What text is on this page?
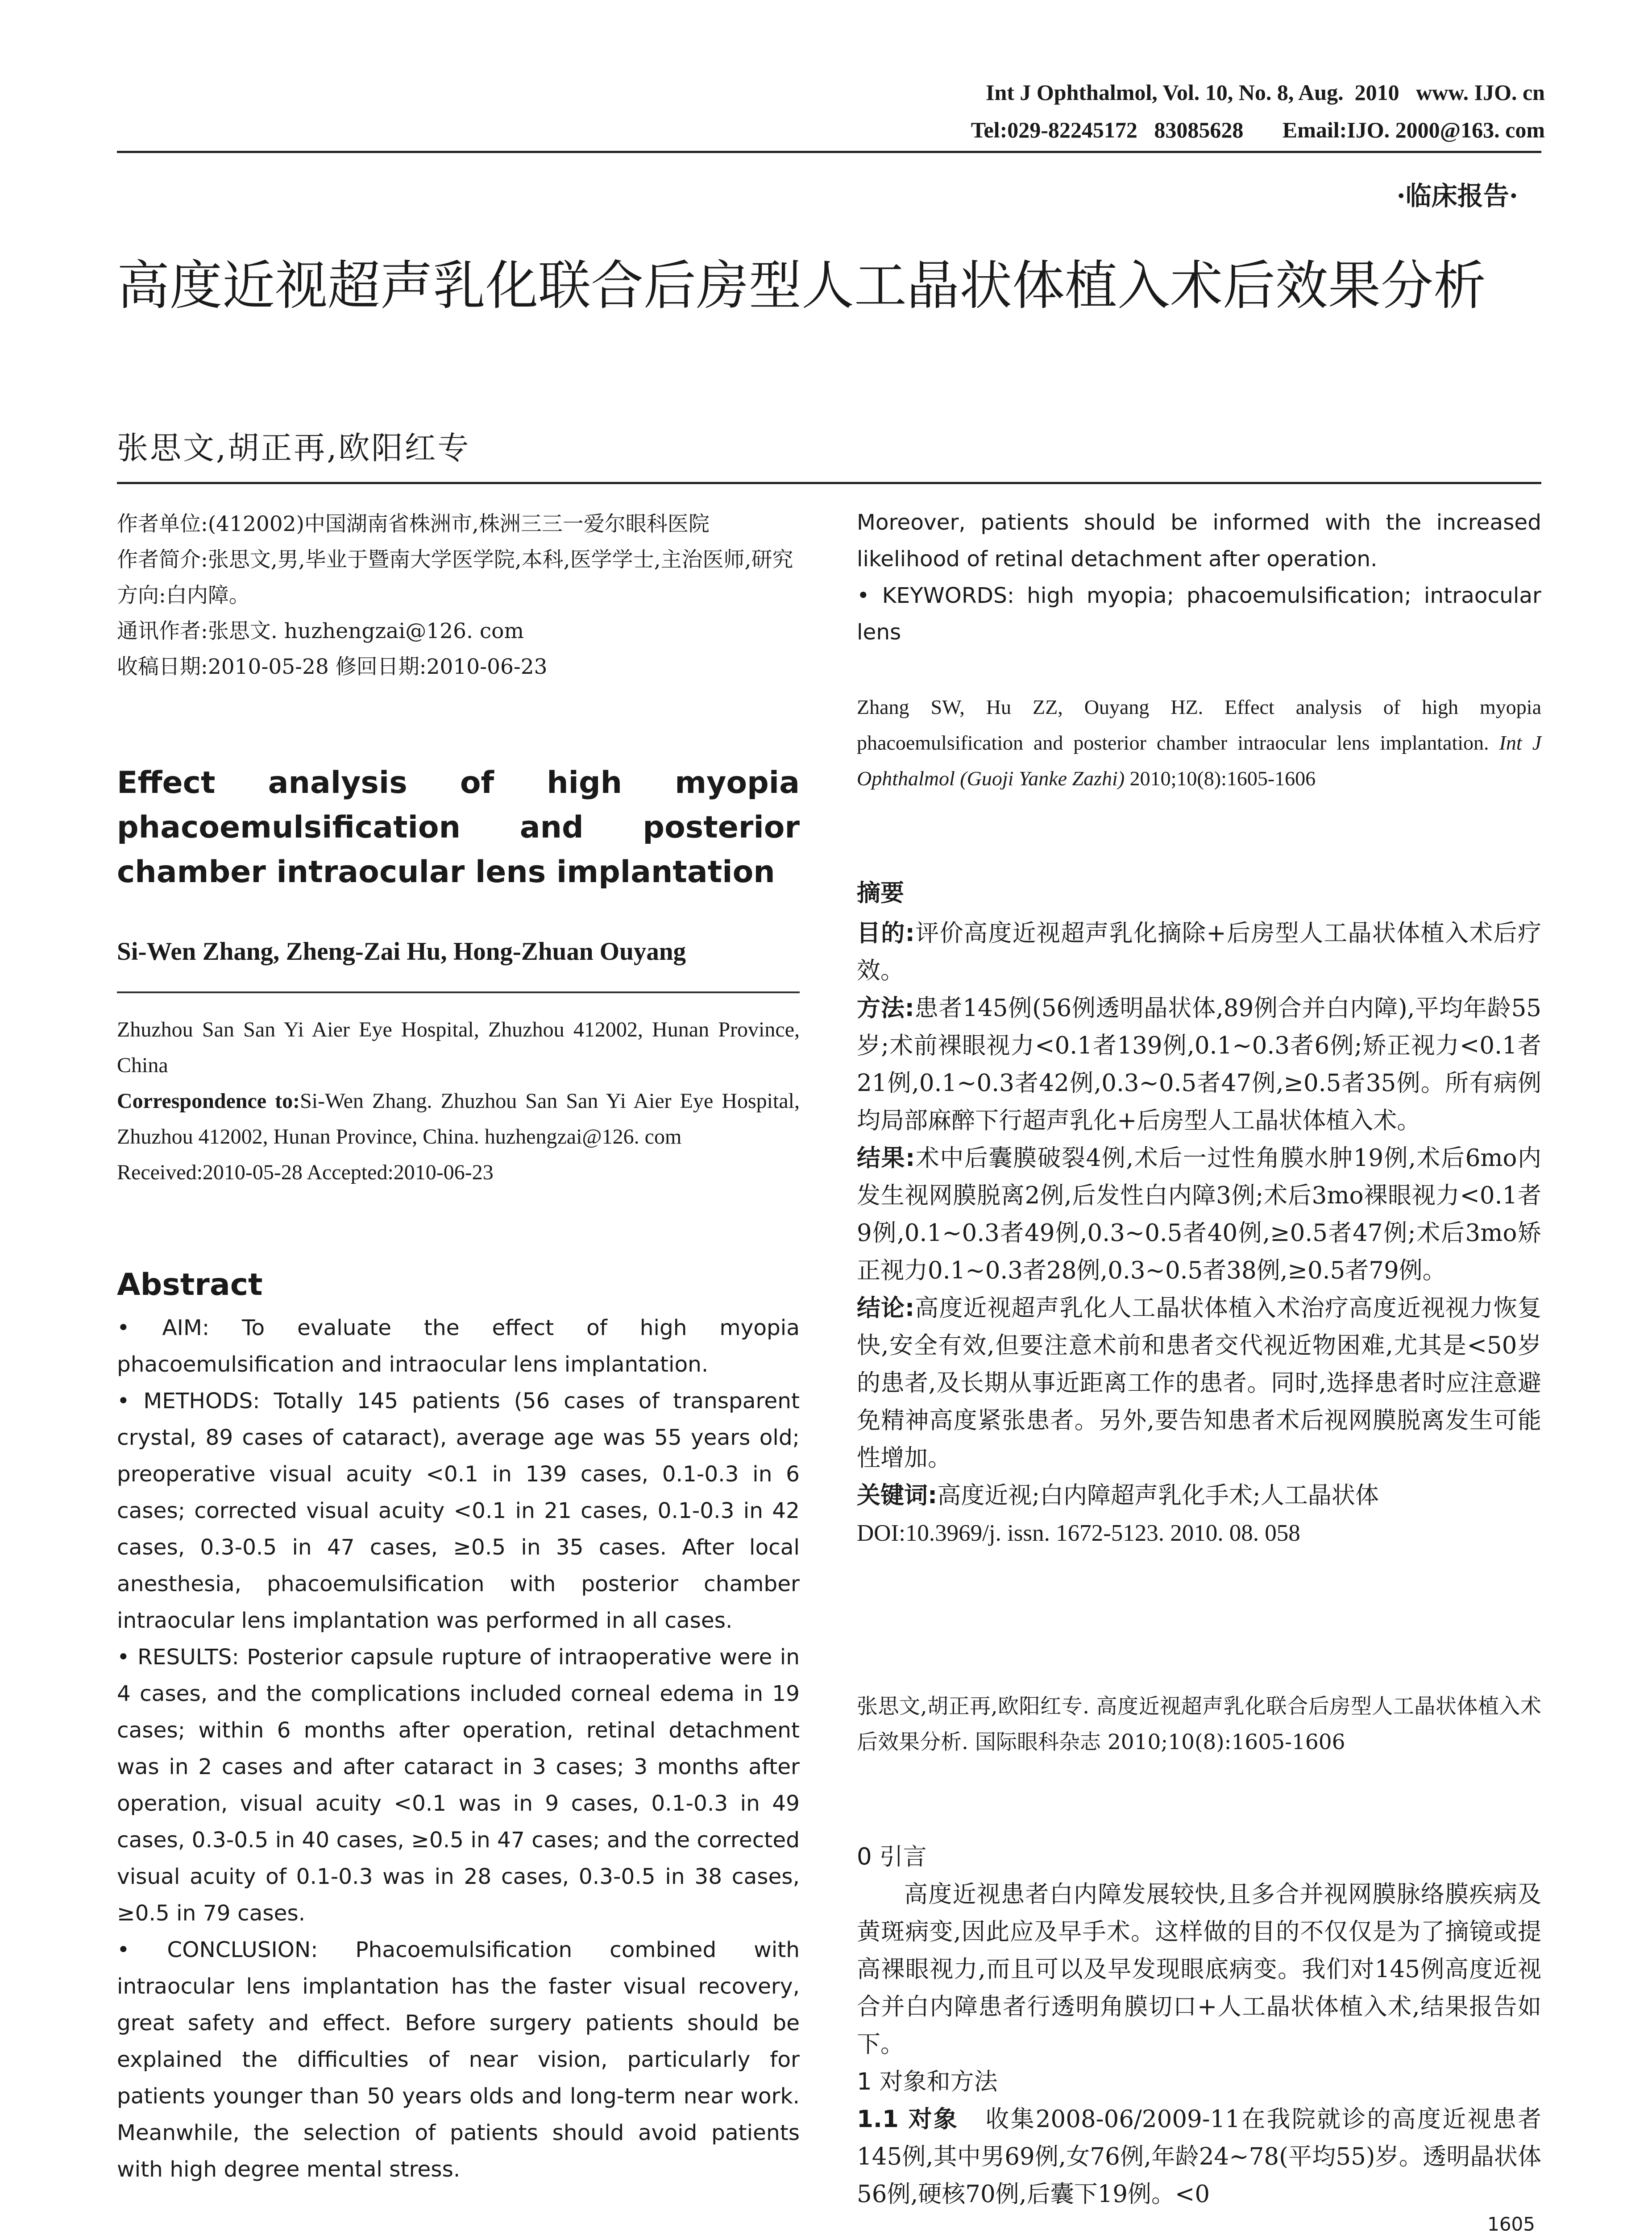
Int J Ophthalmol, Vol. 10, No. 8, Aug.  2010   www. IJO. cn
Tel:029-82245172   83085628       Email:IJO. 2000@163. com
·临床报告·
高度近视超声乳化联合后房型人工晶状体植入术后效果分析
张思文,胡正再,欧阳红专

作者单位:(412002)中国湖南省株洲市,株洲三三一爱尔眼科医院

作者简介:张思文,男,毕业于暨南大学医学院,本科,医学学士,主治医师,研究方向:白内障。

通讯作者:张思文. huzhengzai@126. com

收稿日期:2010-05-28 修回日期:2010-06-23

Effect analysis of high myopia phacoemulsification and posterior chamber intraocular lens implantation
Si-Wen Zhang, Zheng-Zai Hu, Hong-Zhuan Ouyang

Zhuzhou San San Yi Aier Eye Hospital, Zhuzhou 412002, Hunan Province, China

Correspondence to:Si-Wen Zhang. Zhuzhou San San Yi Aier Eye Hospital, Zhuzhou 412002, Hunan Province, China. huzhengzai@126. com

Received:2010-05-28 Accepted:2010-06-23

Abstract

• AIM: To evaluate the effect of high myopia phacoemulsification and intraocular lens implantation.

• METHODS: Totally 145 patients (56 cases of transparent crystal, 89 cases of cataract), average age was 55 years old; preoperative visual acuity <0.1 in 139 cases, 0.1-0.3 in 6 cases; corrected visual acuity <0.1 in 21 cases, 0.1-0.3 in 42 cases, 0.3-0.5 in 47 cases, ≥0.5 in 35 cases. After local anesthesia, phacoemulsification with posterior chamber intraocular lens implantation was performed in all cases.

• RESULTS: Posterior capsule rupture of intraoperative were in 4 cases, and the complications included corneal edema in 19 cases; within 6 months after operation, retinal detachment was in 2 cases and after cataract in 3 cases; 3 months after operation, visual acuity <0.1 was in 9 cases, 0.1-0.3 in 49 cases, 0.3-0.5 in 40 cases, ≥0.5 in 47 cases; and the corrected visual acuity of 0.1-0.3 was in 28 cases, 0.3-0.5 in 38 cases, ≥0.5 in 79 cases.

• CONCLUSION: Phacoemulsification combined with intraocular lens implantation has the faster visual recovery, great safety and effect. Before surgery patients should be explained the difficulties of near vision, particularly for patients younger than 50 years olds and long-term near work. Meanwhile, the selection of patients should avoid patients with high degree mental stress.

Moreover, patients should be informed with the increased likelihood of retinal detachment after operation.

• KEYWORDS: high myopia; phacoemulsification; intraocular lens

Zhang SW, Hu ZZ, Ouyang HZ. Effect analysis of high myopia phacoemulsification and posterior chamber intraocular lens implantation. Int J Ophthalmol (Guoji Yanke Zazhi) 2010;10(8):1605-1606

摘要

目的:评价高度近视超声乳化摘除+后房型人工晶状体植入术后疗效。

方法:患者145例(56例透明晶状体,89例合并白内障),平均年龄55岁;术前裸眼视力<0.1者139例,0.1~0.3者6例;矫正视力<0.1者21例,0.1~0.3者42例,0.3~0.5者47例,≥0.5者35例。所有病例均局部麻醉下行超声乳化+后房型人工晶状体植入术。

结果:术中后囊膜破裂4例,术后一过性角膜水肿19例,术后6mo内发生视网膜脱离2例,后发性白内障3例;术后3mo裸眼视力<0.1者9例,0.1~0.3者49例,0.3~0.5者40例,≥0.5者47例;术后3mo矫正视力0.1~0.3者28例,0.3~0.5者38例,≥0.5者79例。

结论:高度近视超声乳化人工晶状体植入术治疗高度近视视力恢复快,安全有效,但要注意术前和患者交代视近物困难,尤其是<50岁的患者,及长期从事近距离工作的患者。同时,选择患者时应注意避免精神高度紧张患者。另外,要告知患者术后视网膜脱离发生可能性增加。

关键词:高度近视;白内障超声乳化手术;人工晶状体

DOI:10.3969/j. issn. 1672-5123. 2010. 08. 058

张思文,胡正再,欧阳红专. 高度近视超声乳化联合后房型人工晶状体植入术后效果分析. 国际眼科杂志 2010;10(8):1605-1606

0 引言

高度近视患者白内障发展较快,且多合并视网膜脉络膜疾病及黄斑病变,因此应及早手术。这样做的目的不仅仅是为了摘镜或提高裸眼视力,而且可以及早发现眼底病变。我们对145例高度近视合并白内障患者行透明角膜切口+人工晶状体植入术,结果报告如下。

1 对象和方法

1.1 对象 收集2008-06/2009-11在我院就诊的高度近视患者145例,其中男69例,女76例,年龄24~78(平均55)岁。透明晶状体56例,硬核70例,后囊下19例。<0

1605
